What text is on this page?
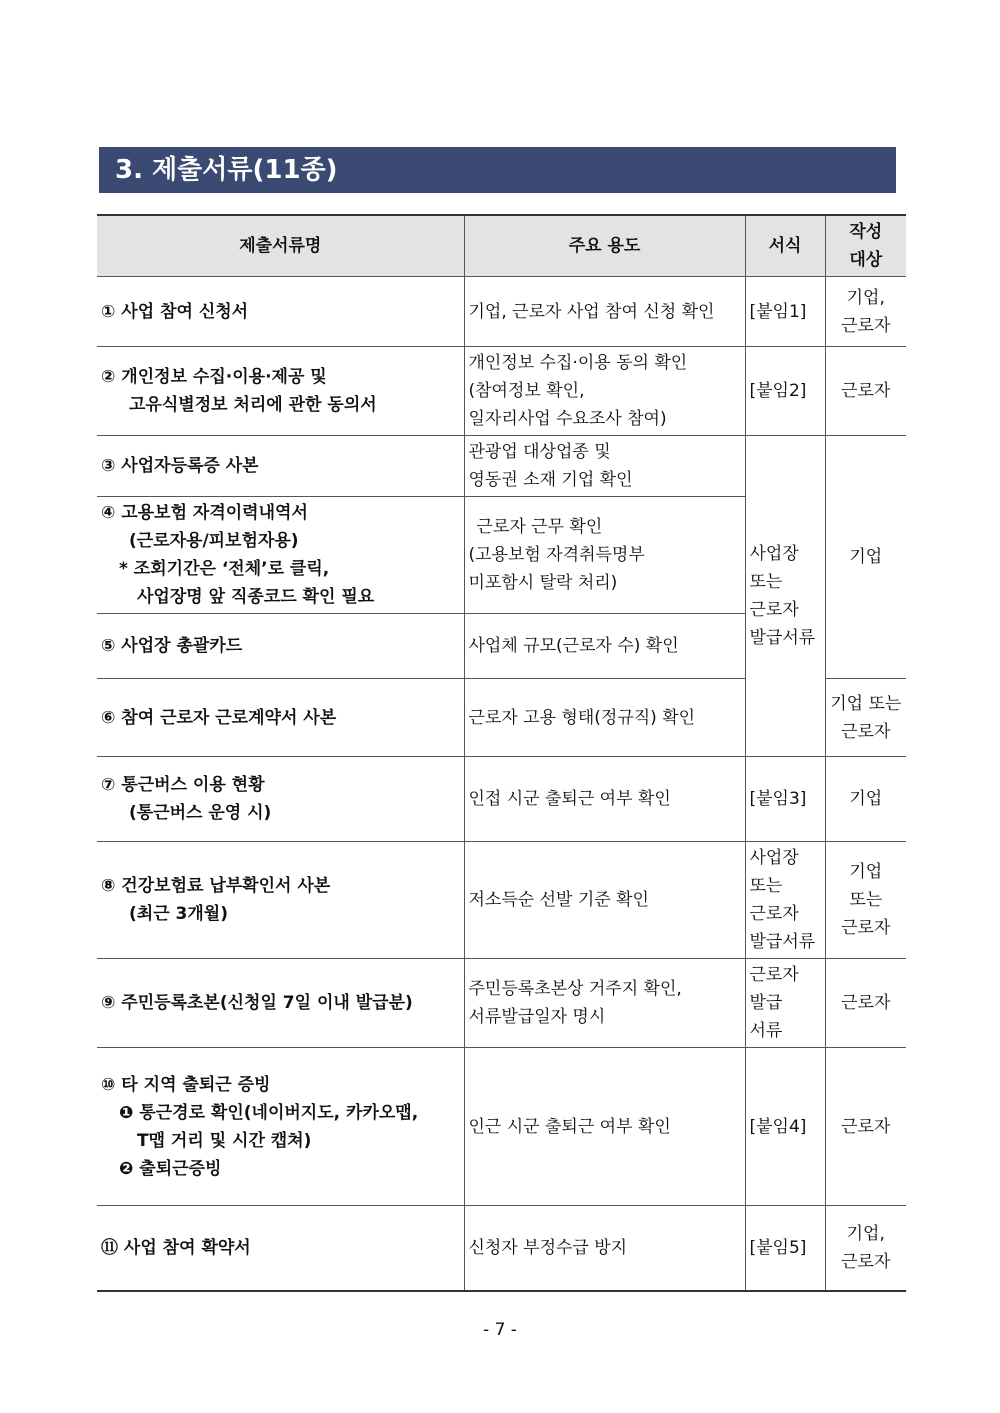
3. 제출서류(11종)
제출서류명	주요 용도	서식	작성
대상

① 사업 참여 신청서	기업, 근로자 사업 참여 신청 확인	[붙임1]	기업,
근로자

② 개인정보 수집·이용·제공 및
고유식별정보 처리에 관한 동의서	개인정보 수집·이용 동의 확인
(참여정보 확인,
일자리사업 수요조사 참여)	[붙임2]	근로자

③ 사업자등록증 사본	관광업 대상업종 및
영동권 소재 기업 확인	사업장
또는
근로자
발급서류	기업

④ 고용보험 자격이력내역서
(근로자용/피보험자용)
* 조회기간은 ‘전체’로 클릭,
사업장명 앞 직종코드 확인 필요	근로자 근무 확인
(고용보험 자격취득명부
미포함시 탈락 처리)		

⑤ 사업장 총괄카드	사업체 규모(근로자 수) 확인		

⑥ 참여 근로자 근로계약서 사본	근로자 고용 형태(정규직) 확인		기업 또는
근로자

⑦ 통근버스 이용 현황
(통근버스 운영 시)	인접 시군 출퇴근 여부 확인	[붙임3]	기업

⑧ 건강보험료 납부확인서 사본
(최근 3개월)	저소득순 선발 기준 확인	사업장
또는
근로자
발급서류	기업
또는
근로자

⑨ 주민등록초본(신청일 7일 이내 발급분)	주민등록초본상 거주지 확인,
서류발급일자 명시	근로자
발급
서류	근로자

⑩ 타 지역 출퇴근 증빙
❶ 통근경로 확인(네이버지도, 카카오맵,
T맵 거리 및 시간 캡쳐)
❷ 출퇴근증빙	인근 시군 출퇴근 여부 확인	[붙임4]	근로자

⑪ 사업 참여 확약서	신청자 부정수급 방지	[붙임5]	기업,
근로자
- 7 -
